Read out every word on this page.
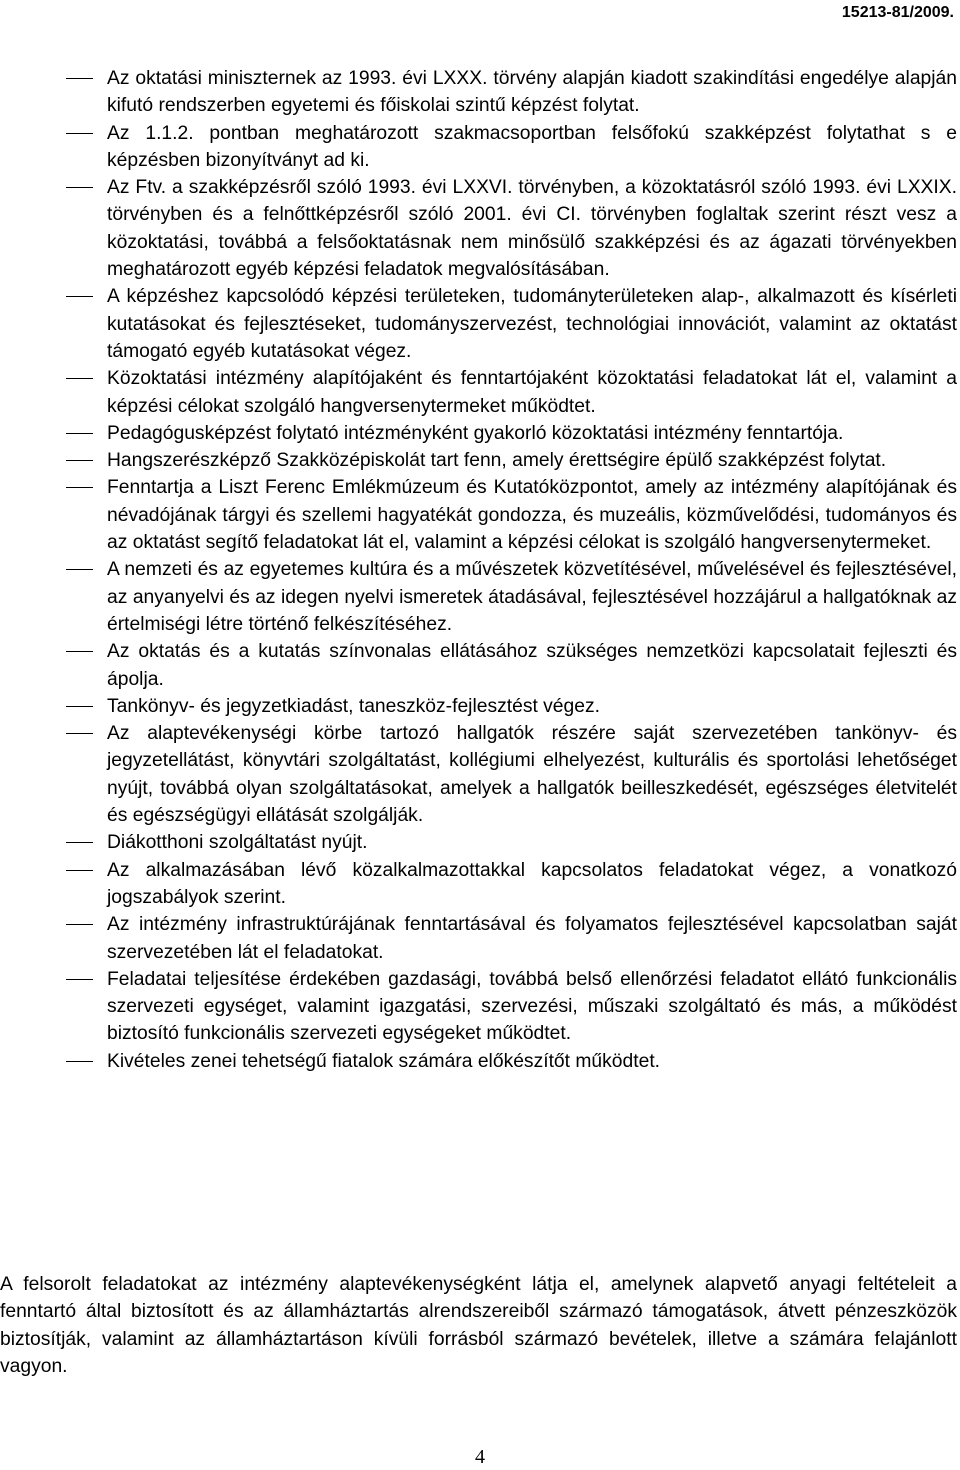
15213-81/2009.
Az oktatási miniszternek az 1993. évi LXXX. törvény alapján kiadott szakindítási engedélye alapján kifutó rendszerben egyetemi és főiskolai szintű képzést folytat.
Az 1.1.2. pontban meghatározott szakmacsoportban felsőfokú szakképzést folytathat s e képzésben bizonyítványt ad ki.
Az Ftv. a szakképzésről szóló 1993. évi LXXVI. törvényben, a közoktatásról szóló 1993. évi LXXIX. törvényben és a felnőttképzésről szóló 2001. évi CI. törvényben foglaltak szerint részt vesz a közoktatási, továbbá a felsőoktatásnak nem minősülő szakképzési és az ágazati törvényekben meghatározott egyéb képzési feladatok megvalósításában.
A képzéshez kapcsolódó képzési területeken, tudományterületeken alap-, alkalmazott és kísérleti kutatásokat és fejlesztéseket, tudományszervezést, technológiai innovációt, valamint az oktatást támogató egyéb kutatásokat végez.
Közoktatási intézmény alapítójaként és fenntartójaként közoktatási feladatokat lát el, valamint a képzési célokat szolgáló hangversenytermeket működtet.
Pedagógusképzést folytató intézményként gyakorló közoktatási intézmény fenntartója.
Hangszerészképző Szakközépiskolát tart fenn, amely érettségire épülő szakképzést folytat.
Fenntartja a Liszt Ferenc Emlékmúzeum és Kutatóközpontot, amely az intézmény alapítójának és névadójának tárgyi és szellemi hagyatékát gondozza, és muzeális, közművelődési, tudományos és az oktatást segítő feladatokat lát el, valamint a képzési célokat is szolgáló hangversenytermeket.
A nemzeti és az egyetemes kultúra és a művészetek közvetítésével, művelésével és fejlesztésével, az anyanyelvi és az idegen nyelvi ismeretek átadásával, fejlesztésével hozzájárul a hallgatóknak az értelmiségi létre történő felkészítéséhez.
Az oktatás és a kutatás színvonalas ellátásához szükséges nemzetközi kapcsolatait fejleszti és ápolja.
Tankönyv- és jegyzetkiadást, taneszköz-fejlesztést végez.
Az alaptevékenységi körbe tartozó hallgatók részére saját szervezetében tankönyv- és jegyzetellátást, könyvtári szolgáltatást, kollégiumi elhelyezést, kulturális és sportolási lehetőséget nyújt, továbbá olyan szolgáltatásokat, amelyek a hallgatók beilleszkedését, egészséges életvitelét és egészségügyi ellátását szolgálják.
Diákotthoni szolgáltatást nyújt.
Az alkalmazásában lévő közalkalmazottakkal kapcsolatos feladatokat végez, a vonatkozó jogszabályok szerint.
Az intézmény infrastruktúrájának fenntartásával és folyamatos fejlesztésével kapcsolatban saját szervezetében lát el feladatokat.
Feladatai teljesítése érdekében gazdasági, továbbá belső ellenőrzési feladatot ellátó funkcionális szervezeti egységet, valamint igazgatási, szervezési, műszaki szolgáltató és más, a működést biztosító funkcionális szervezeti egységeket működtet.
Kivételes zenei tehetségű fiatalok számára előkészítőt működtet.

A felsorolt feladatokat az intézmény alaptevékenységként látja el, amelynek alapvető anyagi feltételeit a fenntartó által biztosított és az államháztartás alrendszereiből származó támogatások, átvett pénzeszközök biztosítják, valamint az államháztartáson kívüli forrásból származó bevételek, illetve a számára felajánlott vagyon.

4
